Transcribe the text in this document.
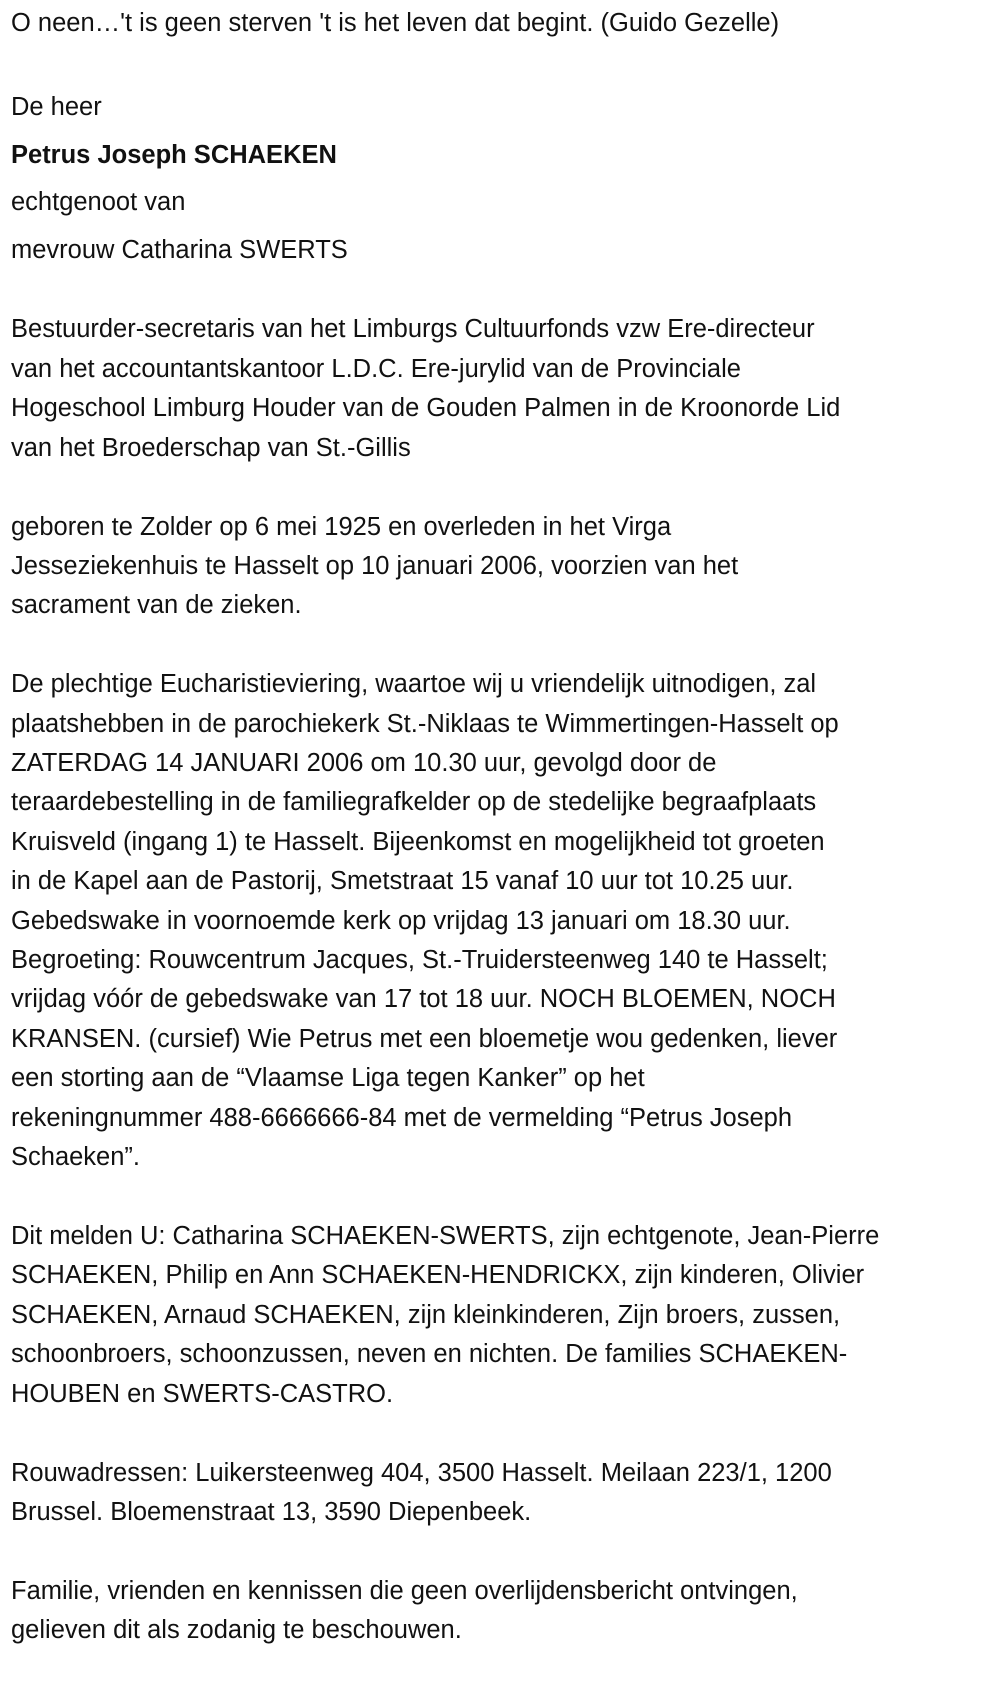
O neen…'t is geen sterven 't is het leven dat begint. (Guido Gezelle)
De heer
Petrus Joseph SCHAEKEN
echtgenoot van
mevrouw Catharina SWERTS
Bestuurder-secretaris van het Limburgs Cultuurfonds vzw Ere-directeur
van het accountantskantoor L.D.C. Ere-jurylid van de Provinciale
Hogeschool Limburg Houder van de Gouden Palmen in de Kroonorde Lid
van het Broederschap van St.-Gillis
geboren te Zolder op 6 mei 1925 en overleden in het Virga
Jesseziekenhuis te Hasselt op 10 januari 2006, voorzien van het
sacrament van de zieken.
De plechtige Eucharistieviering, waartoe wij u vriendelijk uitnodigen, zal
plaatshebben in de parochiekerk St.-Niklaas te Wimmertingen-Hasselt op
ZATERDAG 14 JANUARI 2006 om 10.30 uur, gevolgd door de
teraardebestelling in de familiegrafkelder op de stedelijke begraafplaats
Kruisveld (ingang 1) te Hasselt. Bijeenkomst en mogelijkheid tot groeten
in de Kapel aan de Pastorij, Smetstraat 15 vanaf 10 uur tot 10.25 uur.
Gebedswake in voornoemde kerk op vrijdag 13 januari om 18.30 uur.
Begroeting: Rouwcentrum Jacques, St.-Truidersteenweg 140 te Hasselt;
vrijdag vóór de gebedswake van 17 tot 18 uur. NOCH BLOEMEN, NOCH
KRANSEN. (cursief) Wie Petrus met een bloemetje wou gedenken, liever
een storting aan de “Vlaamse Liga tegen Kanker” op het
rekeningnummer 488-6666666-84 met de vermelding “Petrus Joseph
Schaeken”.
Dit melden U: Catharina SCHAEKEN-SWERTS, zijn echtgenote, Jean-Pierre
SCHAEKEN, Philip en Ann SCHAEKEN-HENDRICKX, zijn kinderen, Olivier
SCHAEKEN, Arnaud SCHAEKEN, zijn kleinkinderen, Zijn broers, zussen,
schoonbroers, schoonzussen, neven en nichten. De families SCHAEKEN-
HOUBEN en SWERTS-CASTRO.
Rouwadressen: Luikersteenweg 404, 3500 Hasselt. Meilaan 223/1, 1200
Brussel. Bloemenstraat 13, 3590 Diepenbeek.
Familie, vrienden en kennissen die geen overlijdensbericht ontvingen,
gelieven dit als zodanig te beschouwen.
